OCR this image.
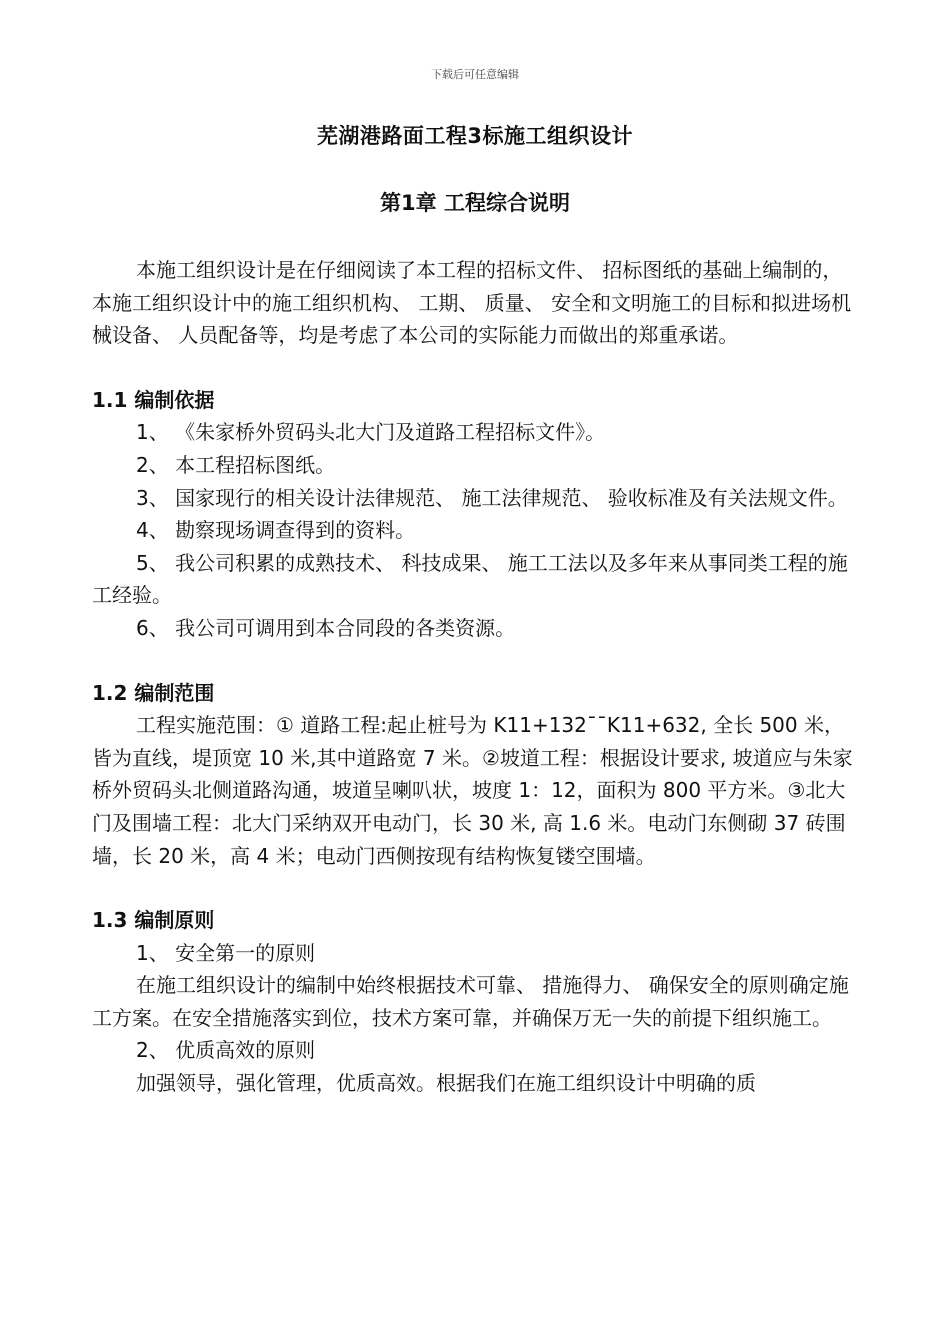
下载后可任意编辑
芜湖港路面工程3标施工组织设计
第1章 工程综合说明

本施工组织设计是在仔细阅读了本工程的招标文件、 招标图纸的基础上编制的，本施工组织设计中的施工组织机构、 工期、 质量、 安全和文明施工的目标和拟进场机械设备、 人员配备等，均是考虑了本公司的实际能力而做出的郑重承诺。

1.1 编制依据

1、 《朱家桥外贸码头北大门及道路工程招标文件》。

2、 本工程招标图纸。

3、 国家现行的相关设计法律规范、 施工法律规范、 验收标准及有关法规文件。

4、 勘察现场调查得到的资料。

5、 我公司积累的成熟技术、 科技成果、 施工工法以及多年来从事同类工程的施工经验。

6、 我公司可调用到本合同段的各类资源。

1.2 编制范围

工程实施范围：① 道路工程:起止桩号为 K11+132¯¯K11+632, 全长 500 米，皆为直线，堤顶宽 10 米,其中道路宽 7 米。②坡道工程：根据设计要求, 坡道应与朱家桥外贸码头北侧道路沟通，坡道呈喇叭状，坡度 1：12，面积为 800 平方米。③北大门及围墙工程：北大门采纳双开电动门，长 30 米, 高 1.6 米。电动门东侧砌 37 砖围墙，长 20 米，高 4 米；电动门西侧按现有结构恢复镂空围墙。

1.3 编制原则

1、 安全第一的原则

在施工组织设计的编制中始终根据技术可靠、 措施得力、 确保安全的原则确定施工方案。在安全措施落实到位，技术方案可靠，并确保万无一失的前提下组织施工。

2、 优质高效的原则

加强领导，强化管理，优质高效。根据我们在施工组织设计中明确的质
